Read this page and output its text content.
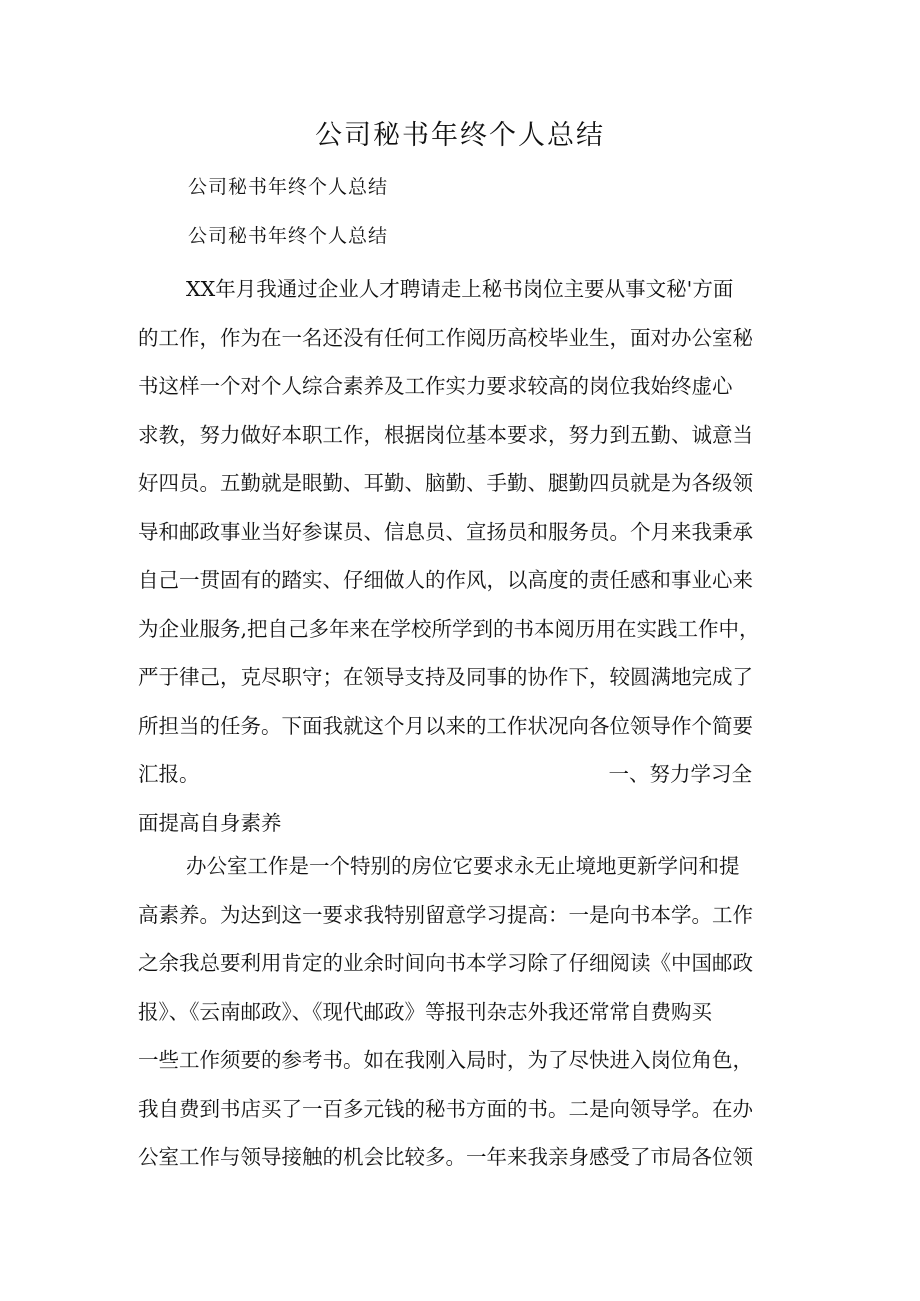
公司秘书年终个人总结
公司秘书年终个人总结
公司秘书年终个人总结
XX年月我通过企业人才聘请走上秘书岗位主要从事文秘'方面
的工作，作为在一名还没有任何工作阅历高校毕业生，面对办公室秘
书这样一个对个人综合素养及工作实力要求较高的岗位我始终虚心
求教，努力做好本职工作，根据岗位基本要求，努力到五勤、诚意当
好四员。五勤就是眼勤、耳勤、脑勤、手勤、腿勤四员就是为各级领
导和邮政事业当好参谋员、信息员、宣扬员和服务员。个月来我秉承
自己一贯固有的踏实、仔细做人的作风，以高度的责任感和事业心来
为企业服务,把自己多年来在学校所学到的书本阅历用在实践工作中，
严于律己，克尽职守；在领导支持及同事的协作下，较圆满地完成了
所担当的任务。下面我就这个月以来的工作状况向各位领导作个简要
汇报。	一、努力学习全
面提高自身素养
办公室工作是一个特别的房位它要求永无止境地更新学问和提
高素养。为达到这一要求我特别留意学习提高：一是向书本学。工作
之余我总要利用肯定的业余时间向书本学习除了仔细阅读《中国邮政
报》、《云南邮政》、《现代邮政》等报刊杂志外我还常常自费购买
一些工作须要的参考书。如在我刚入局时，为了尽快进入岗位角色，
我自费到书店买了一百多元钱的秘书方面的书。二是向领导学。在办
公室工作与领导接触的机会比较多。一年来我亲身感受了市局各位领
